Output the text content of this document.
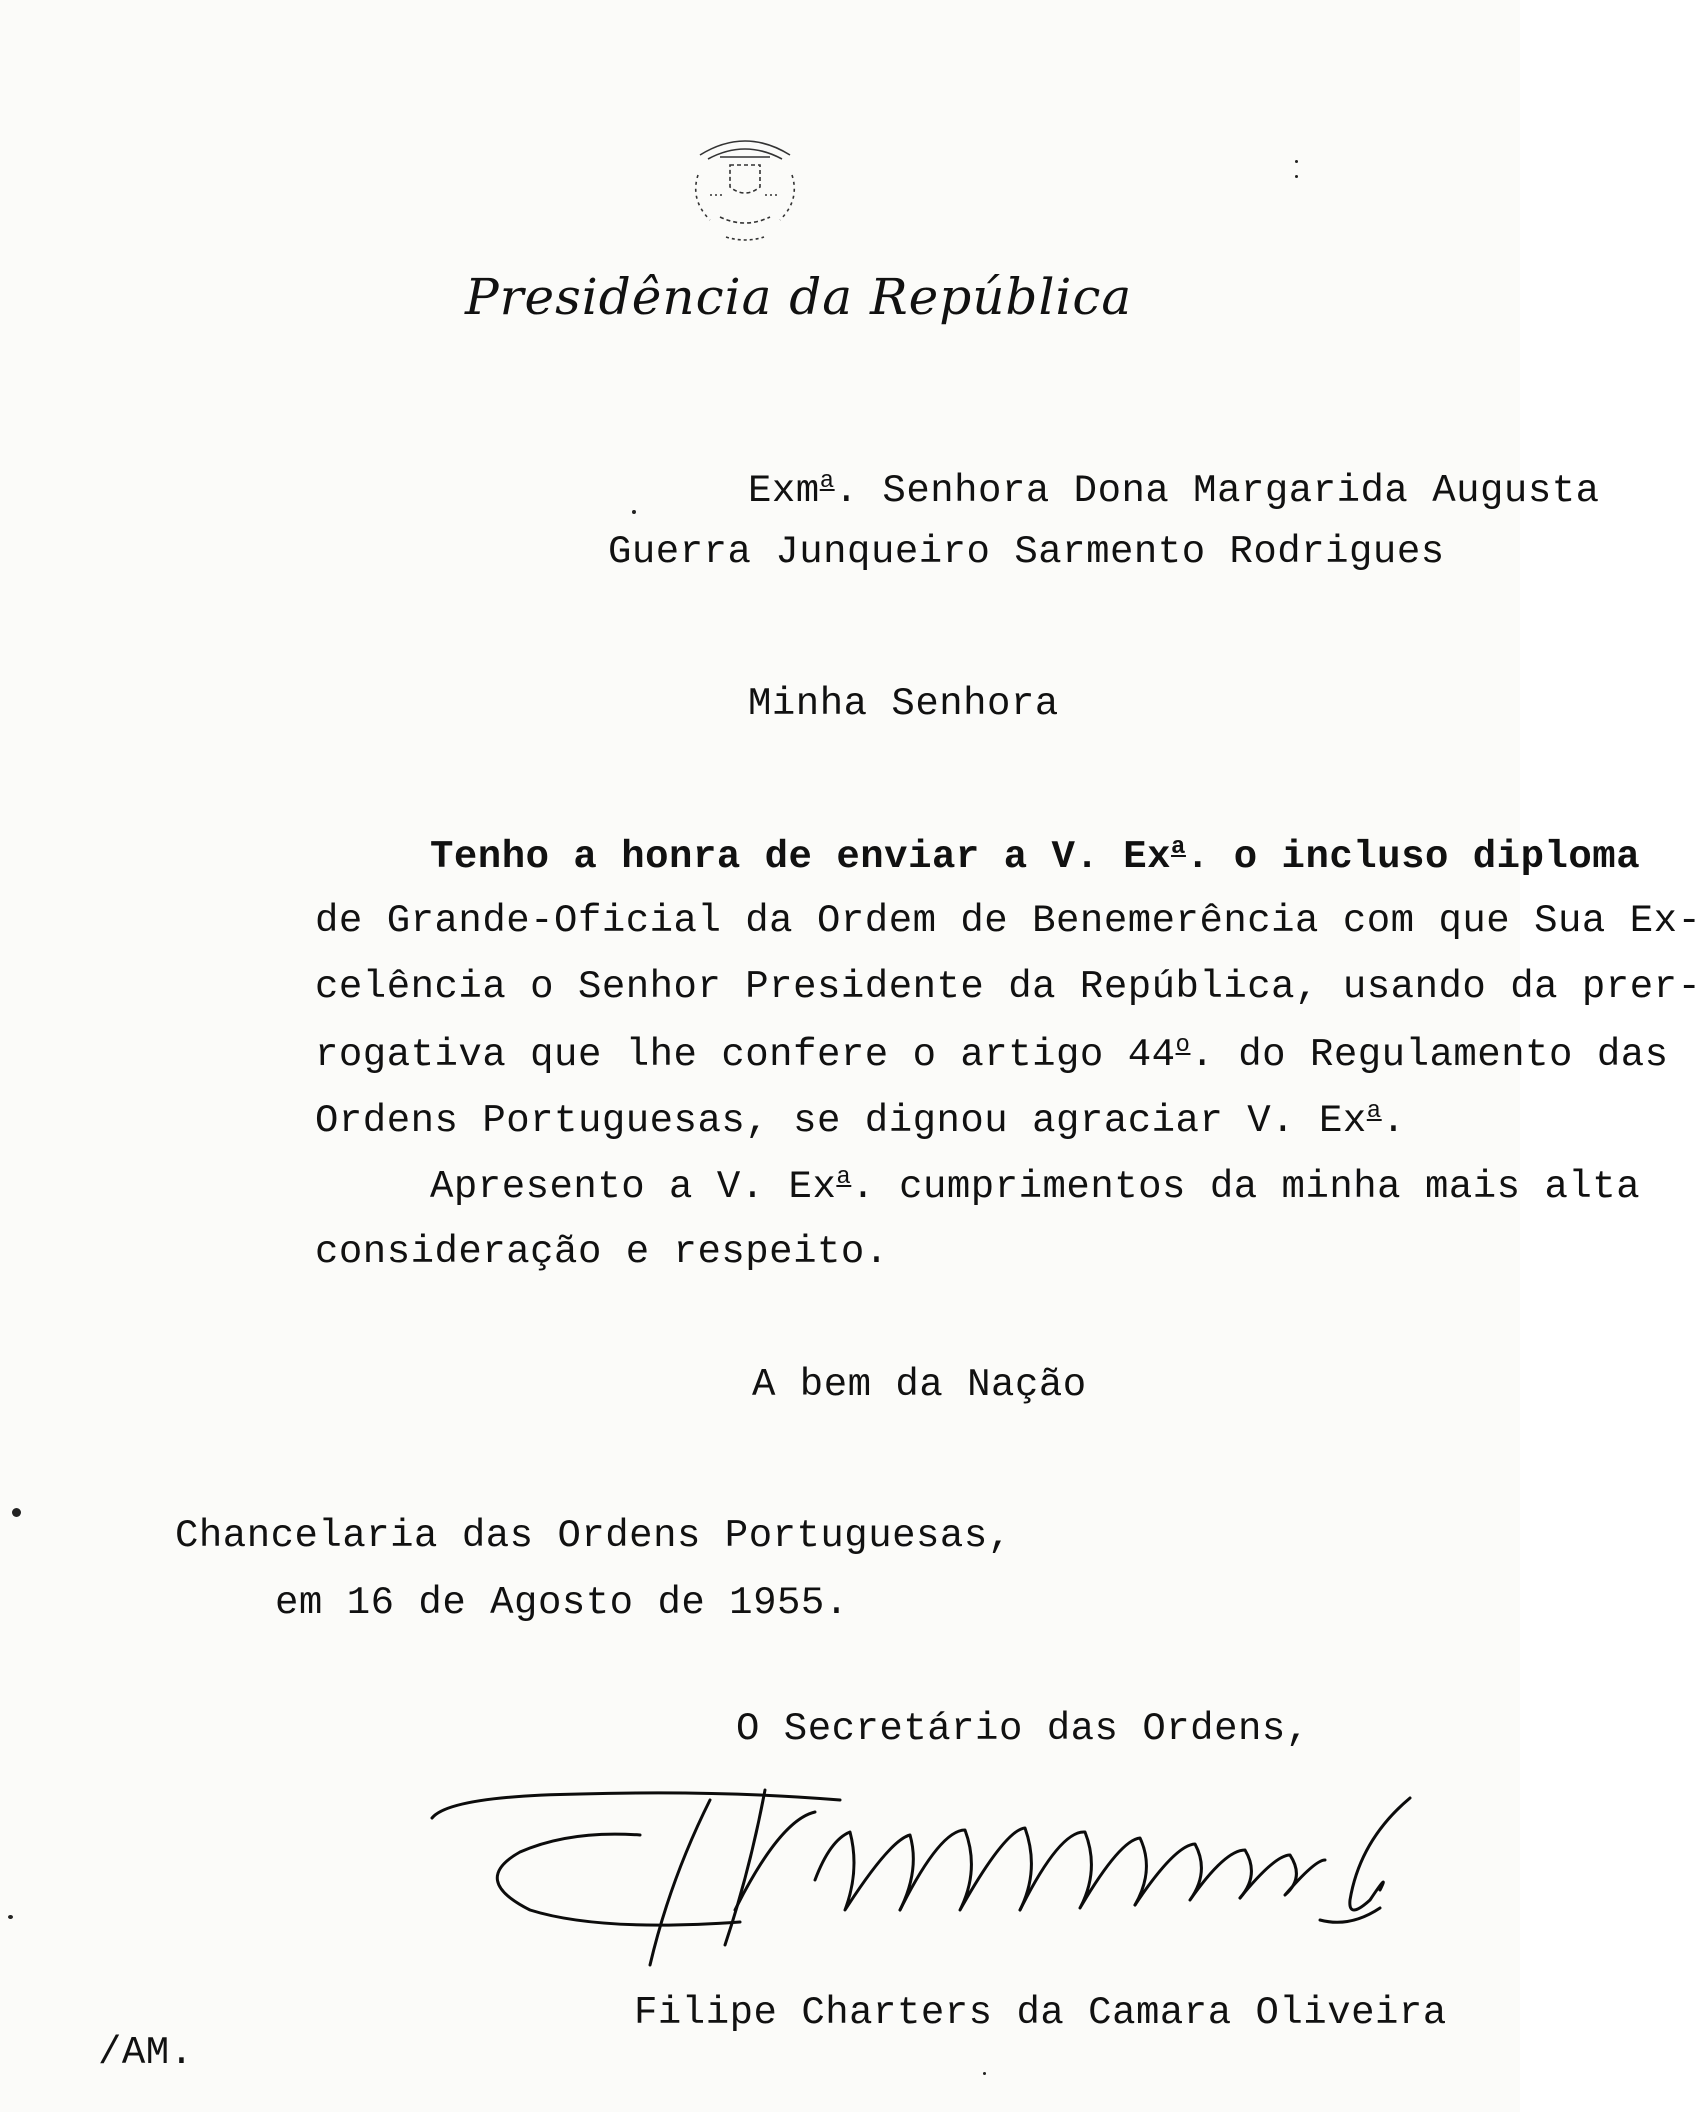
Presidência da República
Exm$^a$. Senhora Dona Margarida Augusta
Guerra Junqueiro Sarmento Rodrigues
Minha Senhora
Tenho a honra de enviar a V. Ex$^a$. o incluso diploma
de Grande-Oficial da Ordem de Benemerência com que Sua Ex-
celência o Senhor Presidente da República, usando da prer-
rogativa que lhe confere o artigo 44$^o$. do Regulamento das
Ordens Portuguesas, se dignou agraciar V. Ex$^a$.
Apresento a V. Ex$^a$. cumprimentos da minha mais alta
consideração e respeito.
A bem da Nação
Chancelaria das Ordens Portuguesas,
em 16 de Agosto de 1955.
O Secretário das Ordens,
Filipe Charters da Camara Oliveira
/AM.
